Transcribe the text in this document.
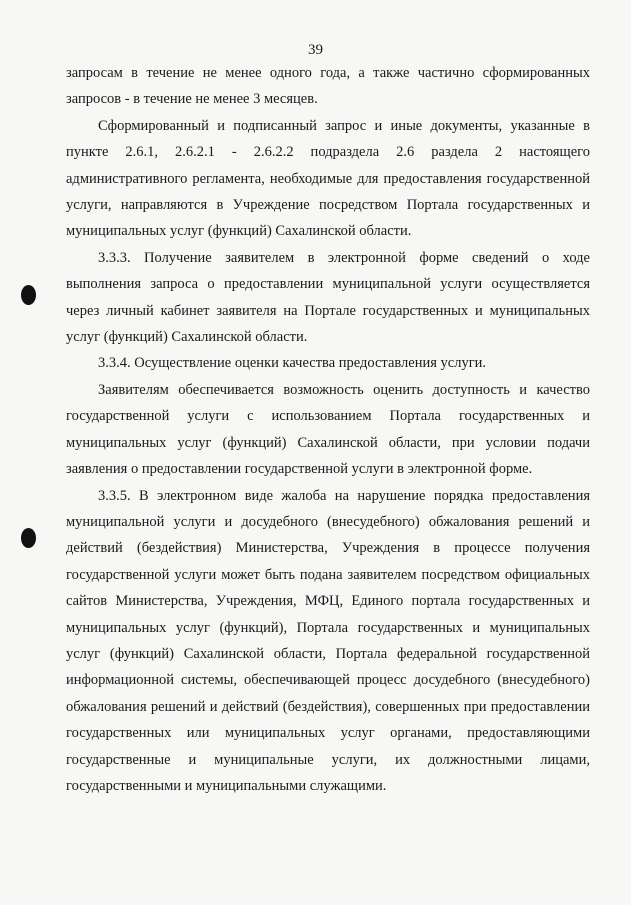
39

запросам в течение не менее одного года, а также частично сформированных запросов - в течение не менее 3 месяцев.

Сформированный и подписанный запрос и иные документы, указанные в пункте 2.6.1, 2.6.2.1 - 2.6.2.2 подраздела 2.6 раздела 2 настоящего административного регламента, необходимые для предоставления государственной услуги, направляются в Учреждение посредством Портала государственных и муниципальных услуг (функций) Сахалинской области.

3.3.3. Получение заявителем в электронной форме сведений о ходе выполнения запроса о предоставлении муниципальной услуги осуществляется через личный кабинет заявителя на Портале государственных и муниципальных услуг (функций) Сахалинской области.

3.3.4. Осуществление оценки качества предоставления услуги.

Заявителям обеспечивается возможность оценить доступность и качество государственной услуги с использованием Портала государственных и муниципальных услуг (функций) Сахалинской области, при условии подачи заявления о предоставлении государственной услуги в электронной форме.

3.3.5. В электронном виде жалоба на нарушение порядка предоставления муниципальной услуги и досудебного (внесудебного) обжалования решений и действий (бездействия) Министерства, Учреждения в процессе получения государственной услуги может быть подана заявителем посредством официальных сайтов Министерства, Учреждения, МФЦ, Единого портала государственных и муниципальных услуг (функций), Портала государственных и муниципальных услуг (функций) Сахалинской области, Портала федеральной государственной информационной системы, обеспечивающей процесс досудебного (внесудебного) обжалования решений и действий (бездействия), совершенных при предоставлении государственных или муниципальных услуг органами, предоставляющими государственные и муниципальные услуги, их должностными лицами, государственными и муниципальными служащими.
